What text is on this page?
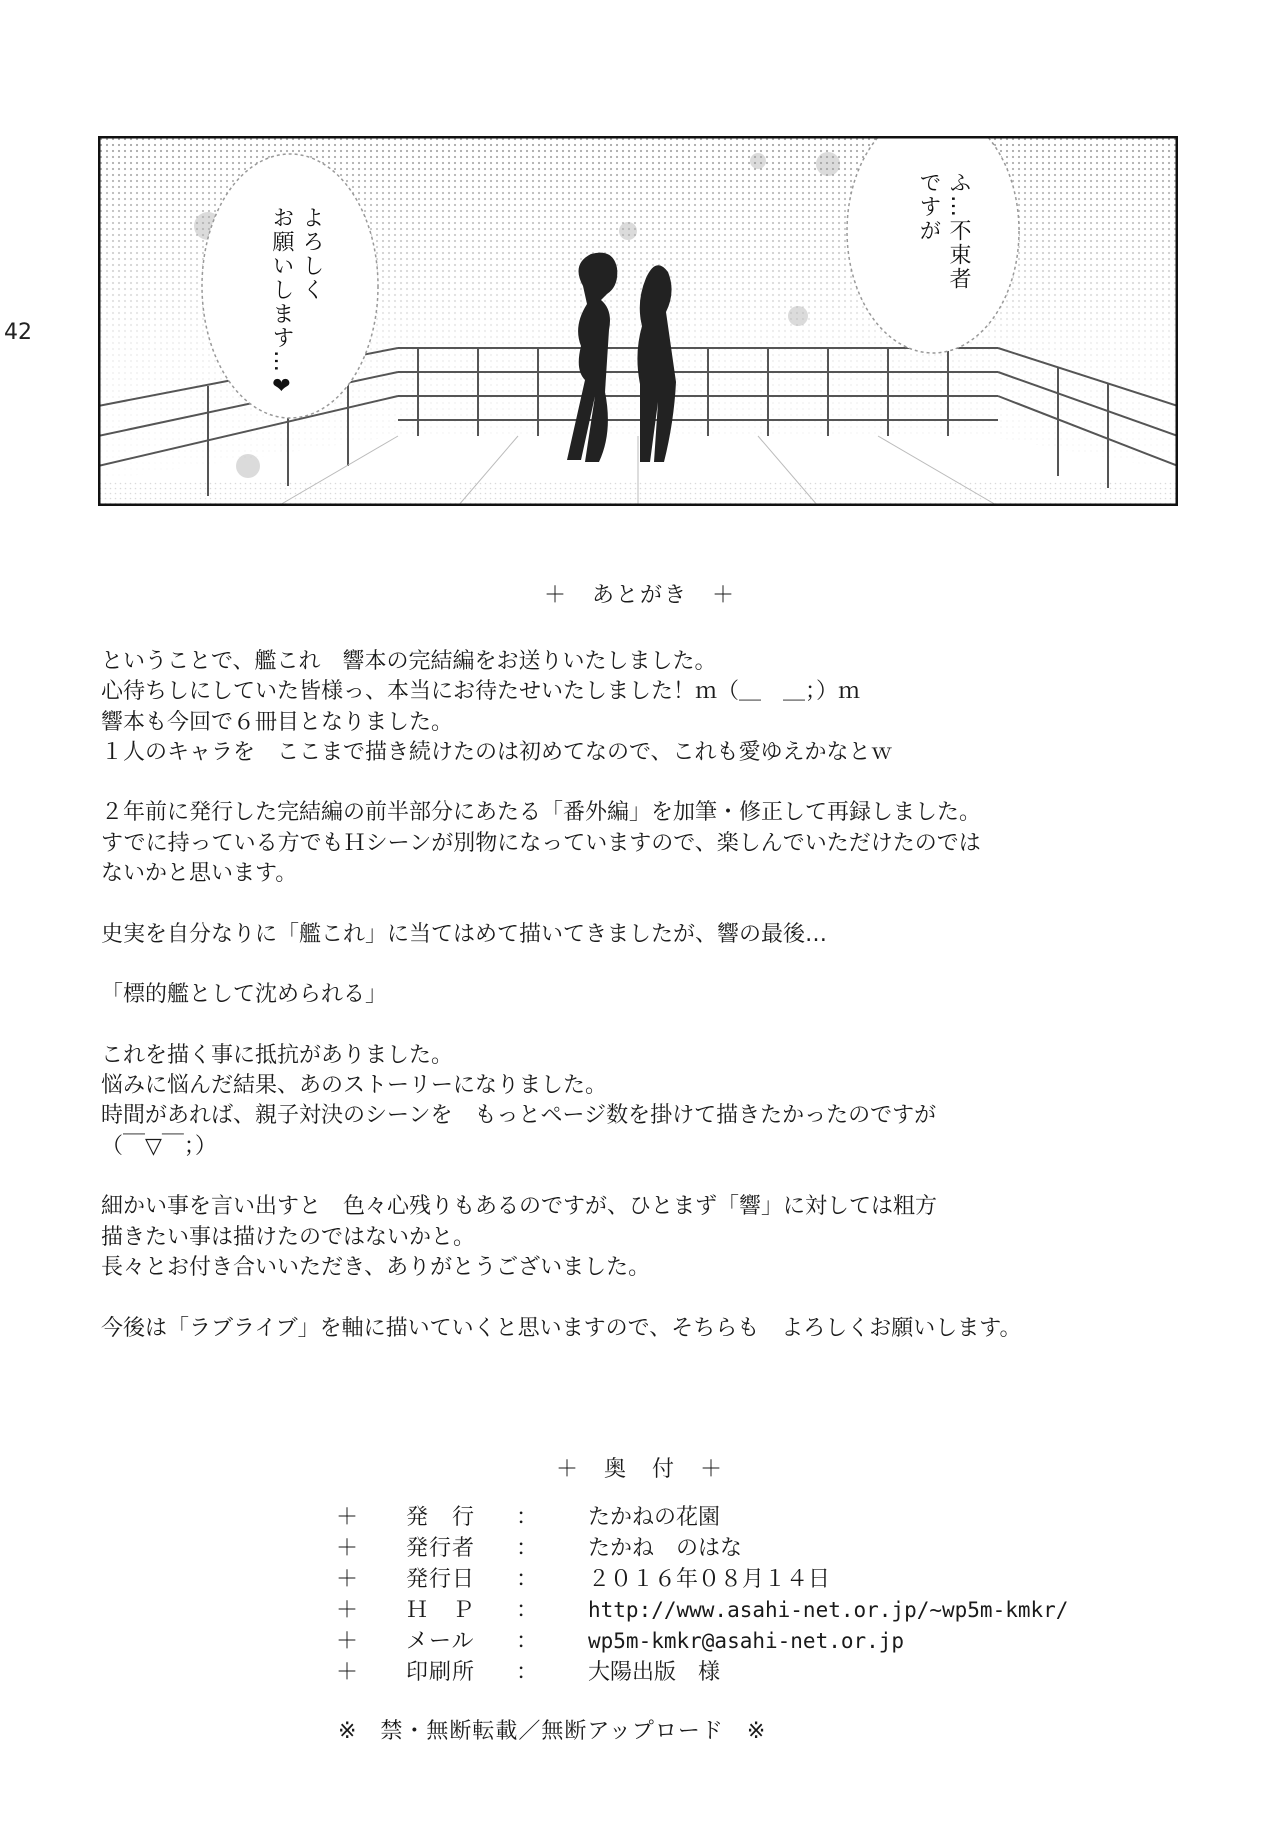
42
よろしく
お願いします…❤	ふ…不束者
ですが
＋　あとがき　＋
ということで、艦これ　響本の完結編をお送りいたしました。
心待ちしにしていた皆様っ、本当にお待たせいたしました！ｍ（＿　＿；）ｍ
響本も今回で６冊目となりました。
１人のキャラを　ここまで描き続けたのは初めてなので、これも愛ゆえかなとｗ
２年前に発行した完結編の前半部分にあたる「番外編」を加筆・修正して再録しました。
すでに持っている方でもＨシーンが別物になっていますので、楽しんでいただけたのでは
ないかと思います。
史実を自分なりに「艦これ」に当てはめて描いてきましたが、響の最後…
「標的艦として沈められる」
これを描く事に抵抗がありました。
悩みに悩んだ結果、あのストーリーになりました。
時間があれば、親子対決のシーンを　もっとページ数を掛けて描きたかったのですが
（￣▽￣；）
細かい事を言い出すと　色々心残りもあるのですが、ひとまず「響」に対しては粗方
描きたい事は描けたのではないかと。
長々とお付き合いいただき、ありがとうございました。
今後は「ラブライブ」を軸に描いていくと思いますので、そちらも　よろしくお願いします。
＋　奥　付　＋
＋ 発　行 ： たかねの花園
＋ 発行者 ： たかね　のはな
＋ 発行日 ： ２０１６年０８月１４日
＋ Ｈ　Ｐ ： http://www.asahi-net.or.jp/~wp5m-kmkr/
＋ メール ： wp5m-kmkr@asahi-net.or.jp
＋ 印刷所 ： 大陽出版　様
※　禁・無断転載／無断アップロード　※
